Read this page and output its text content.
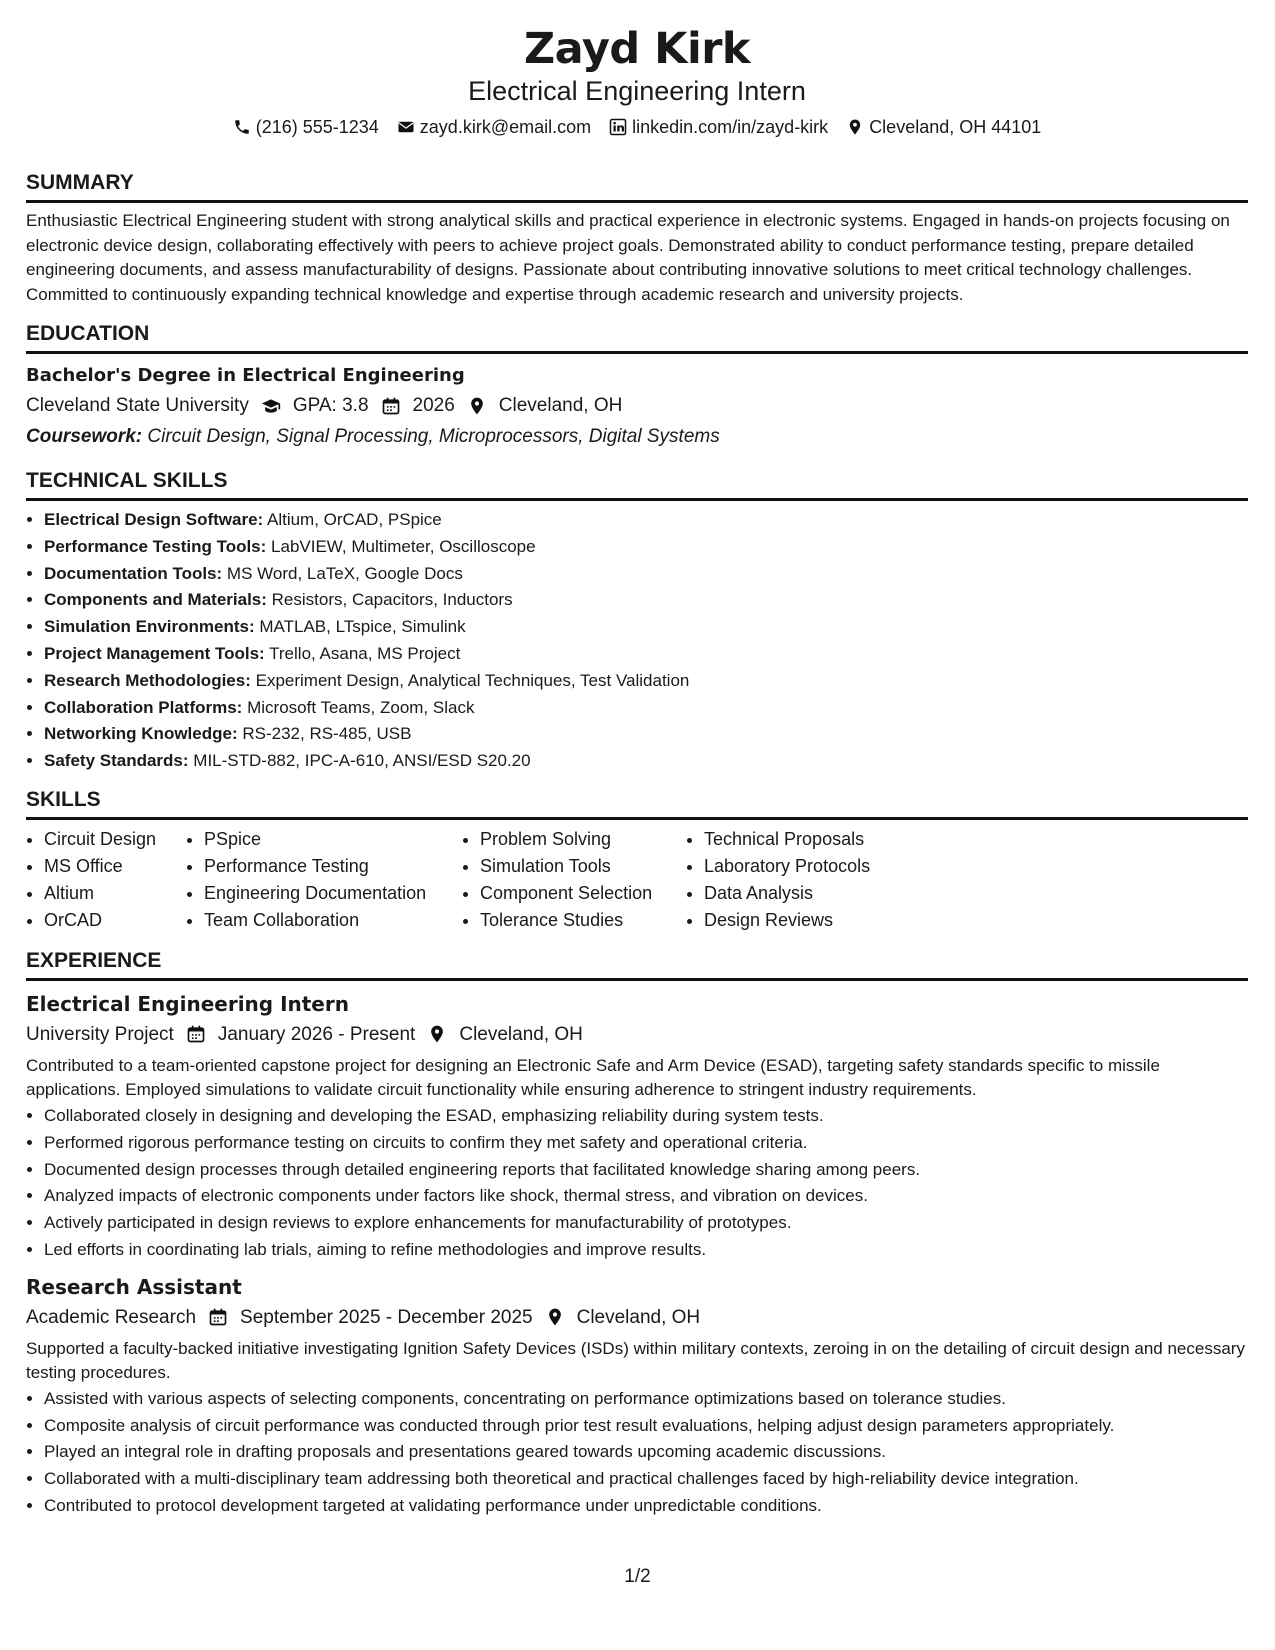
Zayd Kirk
Electrical Engineering Intern
(216) 555-1234 zayd.kirk@email.com linkedin.com/in/zayd-kirk Cleveland, OH 44101
SUMMARY
Enthusiastic Electrical Engineering student with strong analytical skills and practical experience in electronic systems. Engaged in hands-on projects focusing on electronic device design, collaborating effectively with peers to achieve project goals. Demonstrated ability to conduct performance testing, prepare detailed engineering documents, and assess manufacturability of designs. Passionate about contributing innovative solutions to meet critical technology challenges. Committed to continuously expanding technical knowledge and expertise through academic research and university projects.
EDUCATION
Bachelor's Degree in Electrical Engineering
Cleveland State University GPA: 3.8 2026 Cleveland, OH
Coursework: Circuit Design, Signal Processing, Microprocessors, Digital Systems
TECHNICAL SKILLS
• Electrical Design Software: Altium, OrCAD, PSpice
• Performance Testing Tools: LabVIEW, Multimeter, Oscilloscope
• Documentation Tools: MS Word, LaTeX, Google Docs
• Components and Materials: Resistors, Capacitors, Inductors
• Simulation Environments: MATLAB, LTspice, Simulink
• Project Management Tools: Trello, Asana, MS Project
• Research Methodologies: Experiment Design, Analytical Techniques, Test Validation
• Collaboration Platforms: Microsoft Teams, Zoom, Slack
• Networking Knowledge: RS-232, RS-485, USB
• Safety Standards: MIL-STD-882, IPC-A-610, ANSI/ESD S20.20
SKILLS
• Circuit Design
• MS Office
• Altium
• OrCAD
• PSpice
• Performance Testing
• Engineering Documentation
• Team Collaboration
• Problem Solving
• Simulation Tools
• Component Selection
• Tolerance Studies
• Technical Proposals
• Laboratory Protocols
• Data Analysis
• Design Reviews
EXPERIENCE
Electrical Engineering Intern
University Project January 2026 - Present Cleveland, OH
Contributed to a team-oriented capstone project for designing an Electronic Safe and Arm Device (ESAD), targeting safety standards specific to missile applications. Employed simulations to validate circuit functionality while ensuring adherence to stringent industry requirements.
• Collaborated closely in designing and developing the ESAD, emphasizing reliability during system tests.
• Performed rigorous performance testing on circuits to confirm they met safety and operational criteria.
• Documented design processes through detailed engineering reports that facilitated knowledge sharing among peers.
• Analyzed impacts of electronic components under factors like shock, thermal stress, and vibration on devices.
• Actively participated in design reviews to explore enhancements for manufacturability of prototypes.
• Led efforts in coordinating lab trials, aiming to refine methodologies and improve results.
Research Assistant
Academic Research September 2025 - December 2025 Cleveland, OH
Supported a faculty-backed initiative investigating Ignition Safety Devices (ISDs) within military contexts, zeroing in on the detailing of circuit design and necessary testing procedures.
• Assisted with various aspects of selecting components, concentrating on performance optimizations based on tolerance studies.
• Composite analysis of circuit performance was conducted through prior test result evaluations, helping adjust design parameters appropriately.
• Played an integral role in drafting proposals and presentations geared towards upcoming academic discussions.
• Collaborated with a multi-disciplinary team addressing both theoretical and practical challenges faced by high-reliability device integration.
• Contributed to protocol development targeted at validating performance under unpredictable conditions.
1/2
